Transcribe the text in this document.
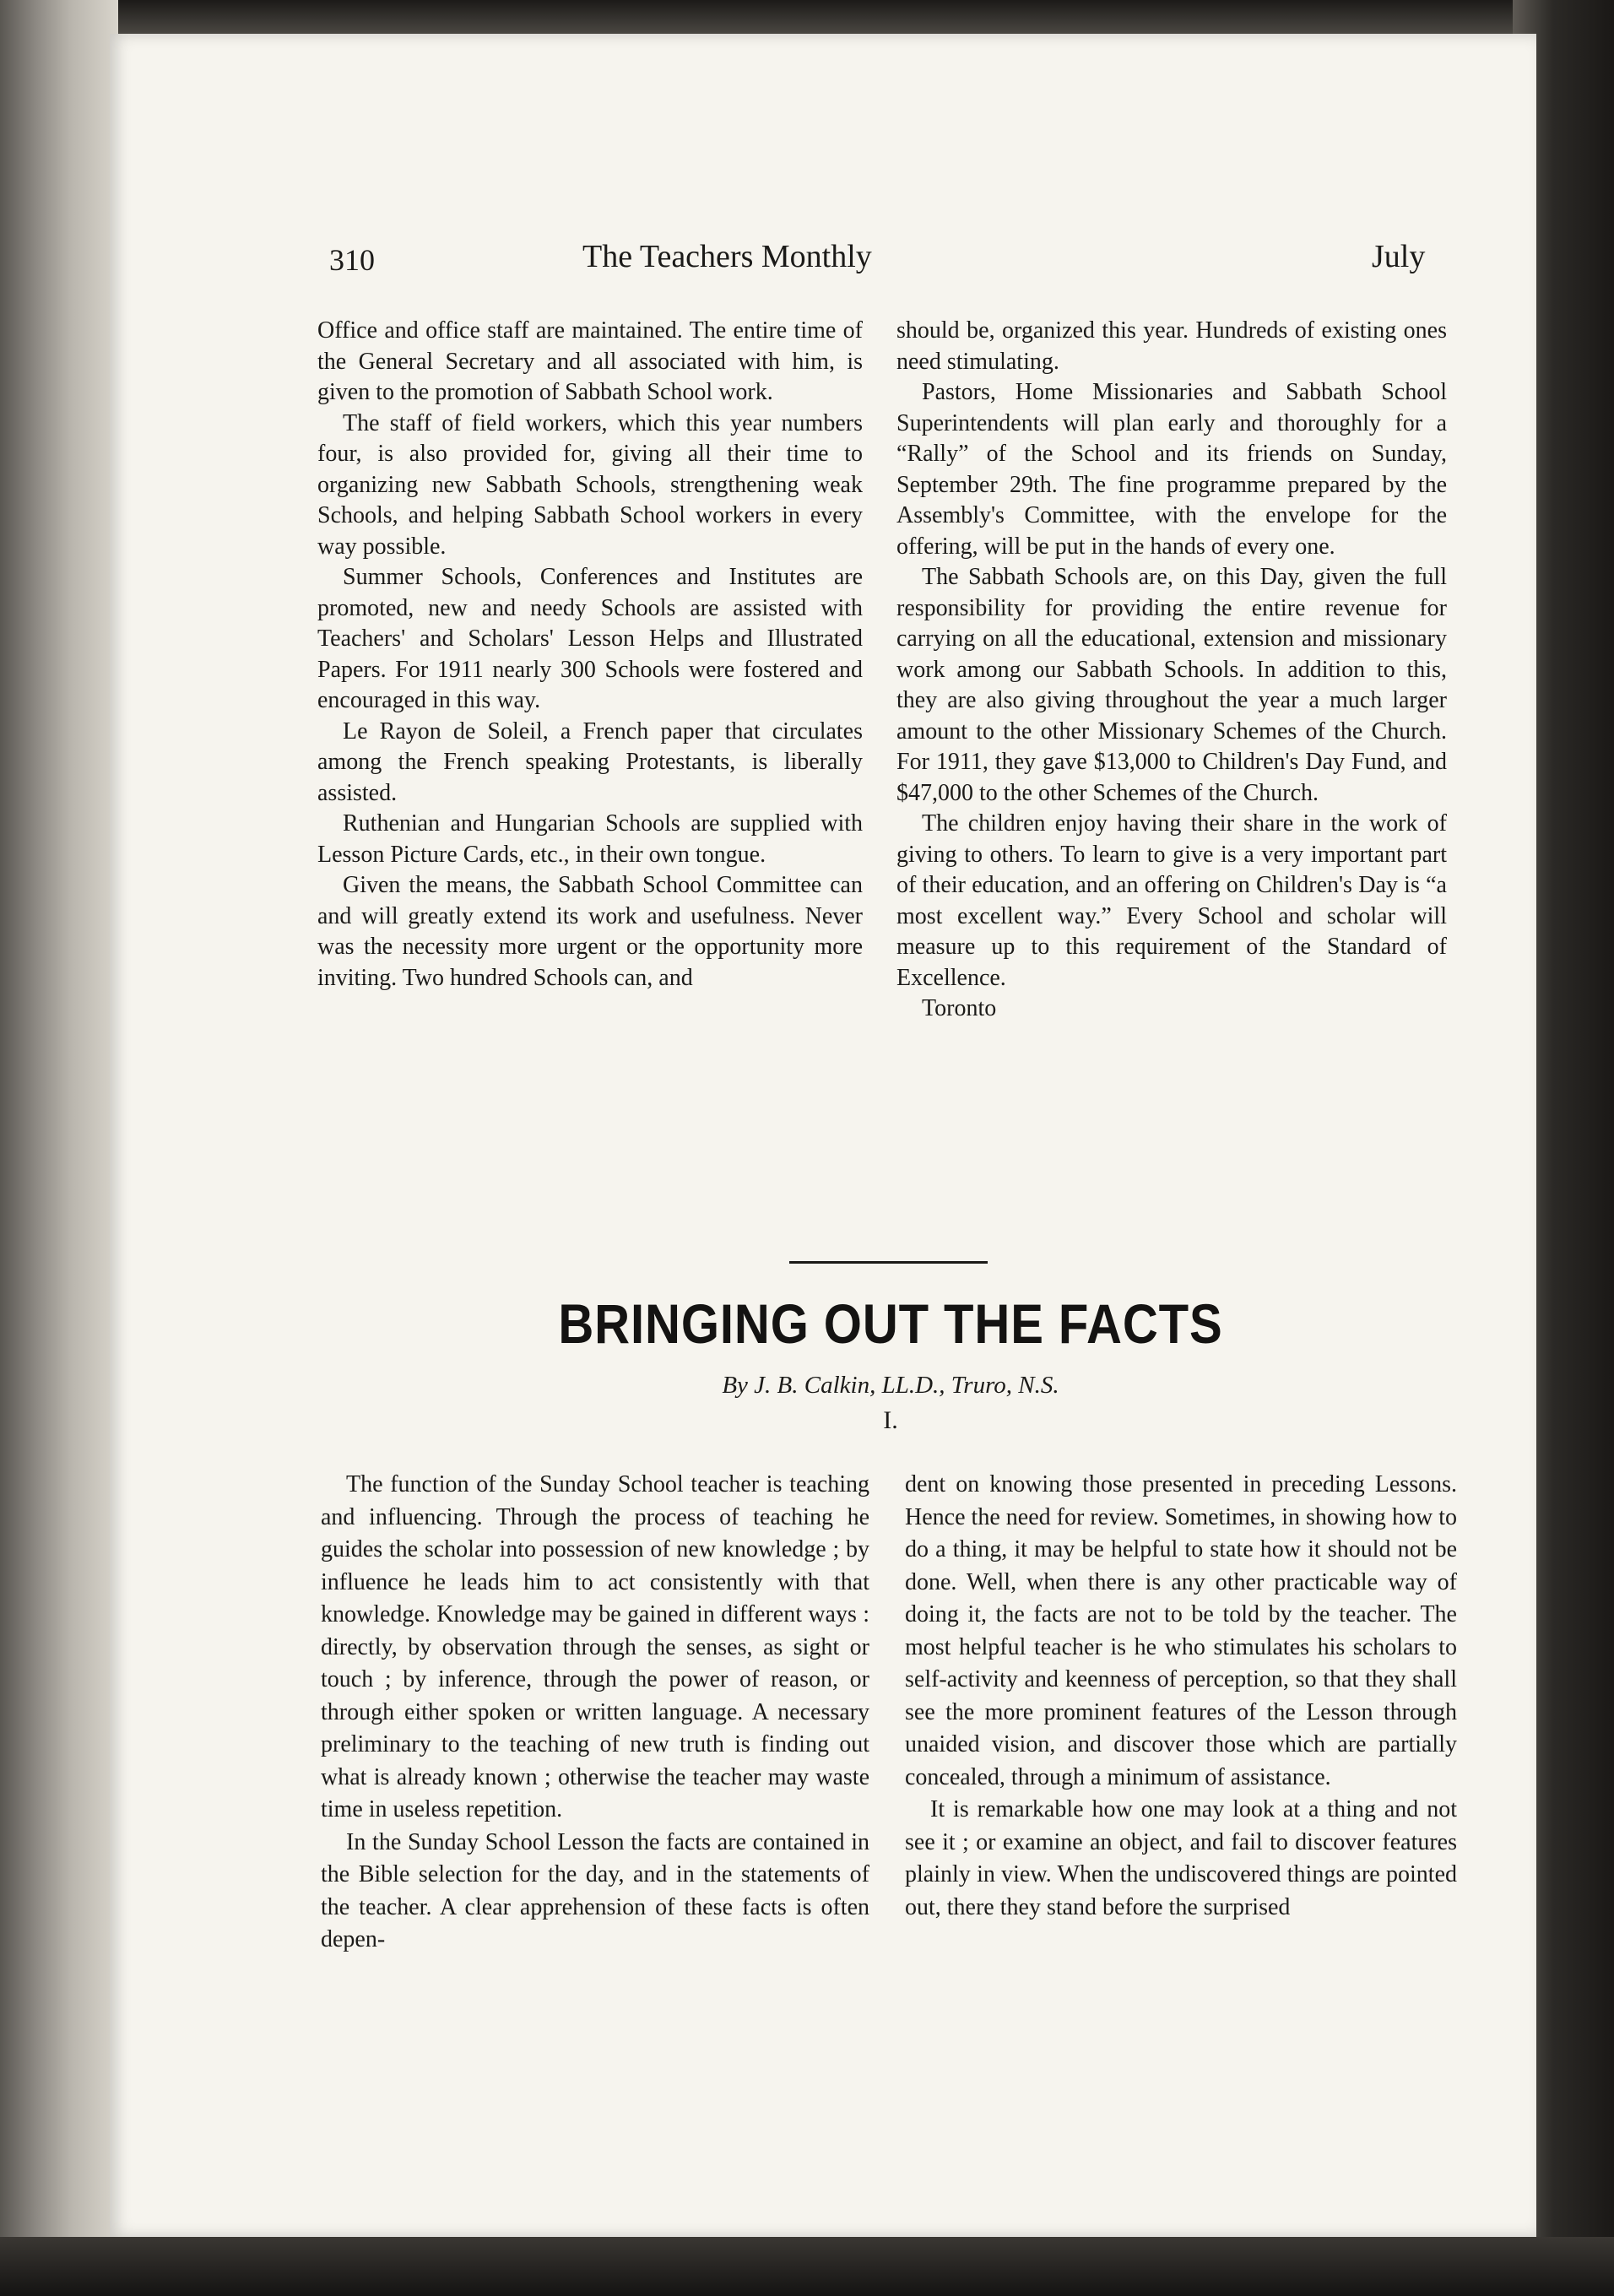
310	The Teachers Monthly	July

Office and office staff are maintained. The entire time of the General Secretary and all associated with him, is given to the promotion of Sabbath School work.

The staff of field workers, which this year numbers four, is also provided for, giving all their time to organizing new Sabbath Schools, strengthening weak Schools, and helping Sabbath School workers in every way possible.

Summer Schools, Conferences and Institutes are promoted, new and needy Schools are assisted with Teachers' and Scholars' Lesson Helps and Illustrated Papers. For 1911 nearly 300 Schools were fostered and encouraged in this way.

Le Rayon de Soleil, a French paper that circulates among the French speaking Protestants, is liberally assisted.

Ruthenian and Hungarian Schools are supplied with Lesson Picture Cards, etc., in their own tongue.

Given the means, the Sabbath School Committee can and will greatly extend its work and usefulness. Never was the necessity more urgent or the opportunity more inviting. Two hundred Schools can, and

should be, organized this year. Hundreds of existing ones need stimulating.

Pastors, Home Missionaries and Sabbath School Superintendents will plan early and thoroughly for a “Rally” of the School and its friends on Sunday, September 29th. The fine programme prepared by the Assembly's Committee, with the envelope for the offering, will be put in the hands of every one.

The Sabbath Schools are, on this Day, given the full responsibility for providing the entire revenue for carrying on all the educational, extension and missionary work among our Sabbath Schools. In addition to this, they are also giving throughout the year a much larger amount to the other Missionary Schemes of the Church. For 1911, they gave $13,000 to Children's Day Fund, and $47,000 to the other Schemes of the Church.

The children enjoy having their share in the work of giving to others. To learn to give is a very important part of their education, and an offering on Children's Day is “a most excellent way.” Every School and scholar will measure up to this requirement of the Standard of Excellence.

Toronto

BRINGING OUT THE FACTS
By J. B. Calkin, LL.D., Truro, N.S.
I.

The function of the Sunday School teacher is teaching and influencing. Through the process of teaching he guides the scholar into possession of new knowledge ; by influence he leads him to act consistently with that knowledge. Knowledge may be gained in different ways : directly, by observation through the senses, as sight or touch ; by inference, through the power of reason, or through either spoken or written language. A necessary preliminary to the teaching of new truth is finding out what is already known ; otherwise the teacher may waste time in useless repetition.

In the Sunday School Lesson the facts are contained in the Bible selection for the day, and in the statements of the teacher. A clear apprehension of these facts is often depen-

dent on knowing those presented in preceding Lessons. Hence the need for review. Sometimes, in showing how to do a thing, it may be helpful to state how it should not be done. Well, when there is any other practicable way of doing it, the facts are not to be told by the teacher. The most helpful teacher is he who stimulates his scholars to self-activity and keenness of perception, so that they shall see the more prominent features of the Lesson through unaided vision, and discover those which are partially concealed, through a minimum of assistance.

It is remarkable how one may look at a thing and not see it ; or examine an object, and fail to discover features plainly in view. When the undiscovered things are pointed out, there they stand before the surprised
